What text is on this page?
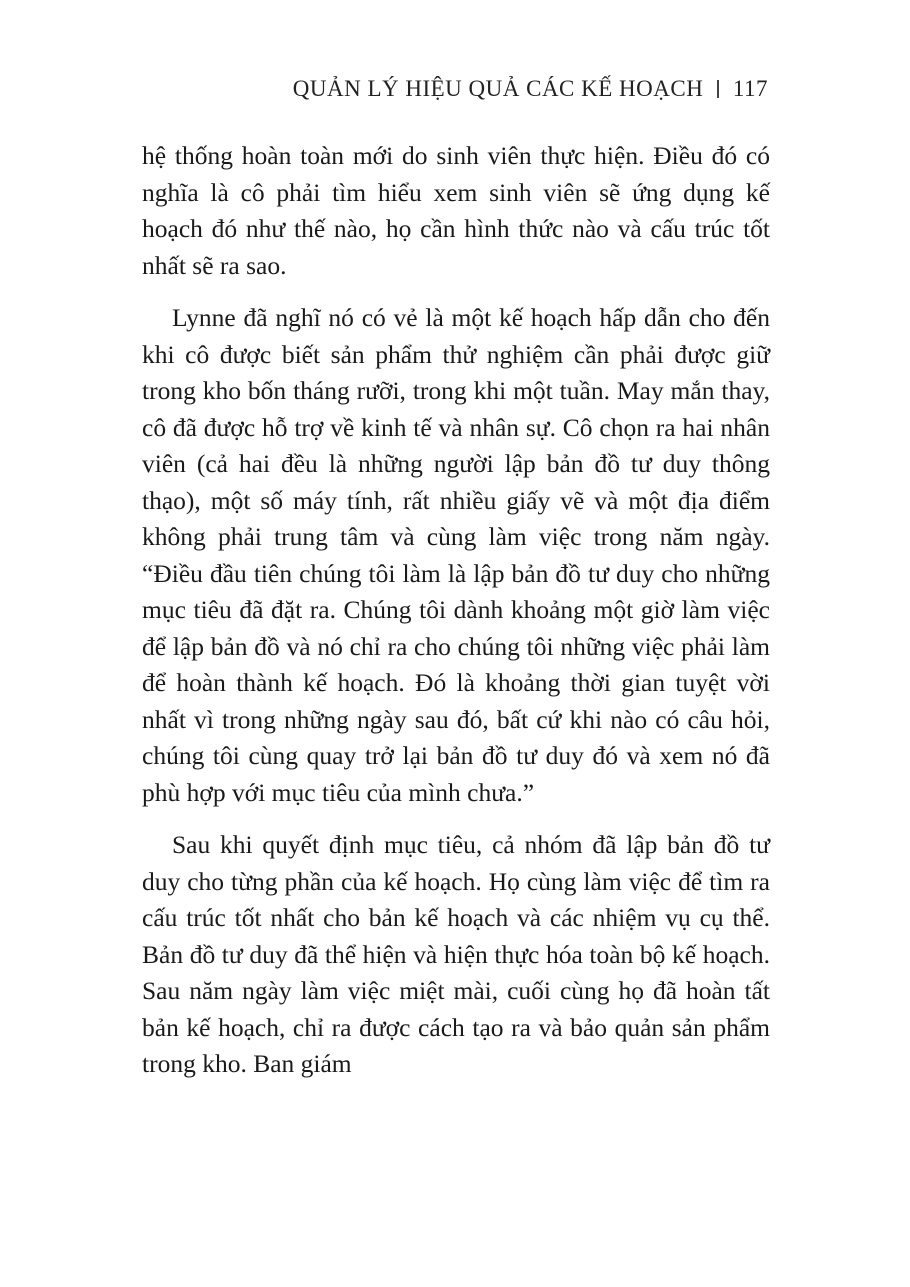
QUẢN LÝ HIỆU QUẢ CÁC KẾ HOẠCH 117

hệ thống hoàn toàn mới do sinh viên thực hiện. Điều đó có nghĩa là cô phải tìm hiểu xem sinh viên sẽ ứng dụng kế hoạch đó như thế nào, họ cần hình thức nào và cấu trúc tốt nhất sẽ ra sao.

Lynne đã nghĩ nó có vẻ là một kế hoạch hấp dẫn cho đến khi cô được biết sản phẩm thử nghiệm cần phải được giữ trong kho bốn tháng rưỡi, trong khi một tuần. May mắn thay, cô đã được hỗ trợ về kinh tế và nhân sự. Cô chọn ra hai nhân viên (cả hai đều là những người lập bản đồ tư duy thông thạo), một số máy tính, rất nhiều giấy vẽ và một địa điểm không phải trung tâm và cùng làm việc trong năm ngày. “Điều đầu tiên chúng tôi làm là lập bản đồ tư duy cho những mục tiêu đã đặt ra. Chúng tôi dành khoảng một giờ làm việc để lập bản đồ và nó chỉ ra cho chúng tôi những việc phải làm để hoàn thành kế hoạch. Đó là khoảng thời gian tuyệt vời nhất vì trong những ngày sau đó, bất cứ khi nào có câu hỏi, chúng tôi cùng quay trở lại bản đồ tư duy đó và xem nó đã phù hợp với mục tiêu của mình chưa.”

Sau khi quyết định mục tiêu, cả nhóm đã lập bản đồ tư duy cho từng phần của kế hoạch. Họ cùng làm việc để tìm ra cấu trúc tốt nhất cho bản kế hoạch và các nhiệm vụ cụ thể. Bản đồ tư duy đã thể hiện và hiện thực hóa toàn bộ kế hoạch. Sau năm ngày làm việc miệt mài, cuối cùng họ đã hoàn tất bản kế hoạch, chỉ ra được cách tạo ra và bảo quản sản phẩm trong kho. Ban giám
